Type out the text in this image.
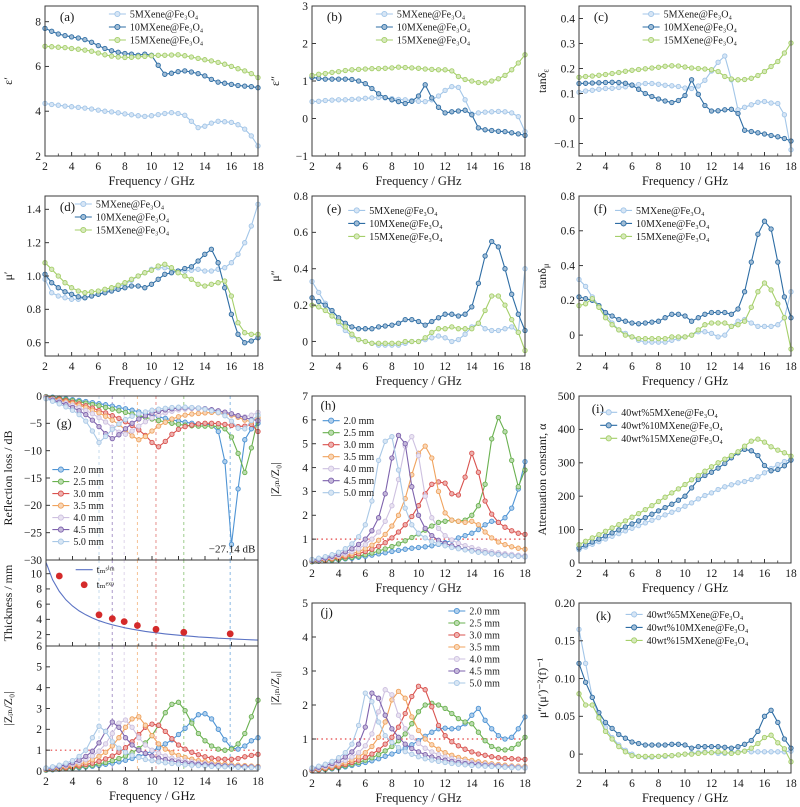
2 4 6 8 10 12 14 16 18
2
4
6
8
Frequency / GHz
ε′
(a)	5MXene@Fe₃O₄
10MXene@Fe₃O₄
15MXene@Fe₃O₄
2 4 6 8 10 12 14 16 18
−1
0
1
2
3
Frequency / GHz
ε″
(b)	5MXene@Fe₃O₄
10MXene@Fe₃O₄
15MXene@Fe₃O₄
2 4 6 8 10 12 14 16 18
−0.1
0
0.1
0.2
0.3
0.4
Frequency / GHz
tanδ$_\varepsilon$
(c)	5MXene@Fe₃O₄
10MXene@Fe₃O₄
15MXene@Fe₃O₄
2 4 6 8 10 12 14 16 18
0.6
0.8
1.0
1.2
1.4
Frequency / GHz
μ′
(d) 5MXene@Fe₃O₄
10MXene@Fe₃O₄
15MXene@Fe₃O₄
2 4 6 8 10 12 14 16 18
0
0.2
0.4
0.6
0.8
Frequency / GHz
μ″
(e)	5MXene@Fe₃O₄
10MXene@Fe₃O₄
15MXene@Fe₃O₄
2 4 6 8 10 12 14 16 18
0
0.2
0.4
0.6
0.8
Frequency / GHz
tanδ$_\mu$
(f)	5MXene@Fe₃O₄
10MXene@Fe₃O₄
15MXene@Fe₃O₄
0
−5
−10
−15
−20
−25
−30
Reflection loss / dB
(g)
−27.14 dB
2.0 mm
2.5 mm
3.0 mm
3.5 mm
4.0 mm
4.5 mm
5.0 mm
2
4
6
8
10
Thickness / mm	tₘˢⁱᵐ
tₘᵉˣᵖ
2 4 6 8 10 12 14 16 18
0
1
2
3
4
5
6
Frequency / GHz
|Zᵢₙ/Z₀|
2 4 6 8 10 12 14 16 18
0
1
2
3
4
5
6
7
Frequency / GHz
|Zᵢₙ/Z₀|
(h)
2.0 mm
2.5 mm
3.0 mm
3.5 mm
4.0 mm
4.5 mm
5.0 mm
2 4 6 8 10 12 14 16 18
0
100
200
300
400
500
Frequency / GHz
Attenuation constant, α
(i) 40wt%5MXene@Fe₃O₄
40wt%10MXene@Fe₃O₄
40wt%15MXene@Fe₃O₄
2 4 6 8 10 12 14 16 18
0
1
2
3
4
5
Frequency / GHz
|Zᵢₙ/Z₀|
(j)	2.0 mm
2.5 mm
3.0 mm
3.5 mm
4.0 mm
4.5 mm
5.0 mm
2 4 6 8 10 12 14 16 18
0
0.05
0.10
0.15
0.20
Frequency / GHz
μ″(μ′)⁻²(f)⁻¹
(k)	40wt%5MXene@Fe₃O₄
40wt%10MXene@Fe₃O₄
40wt%15MXene@Fe₃O₄
